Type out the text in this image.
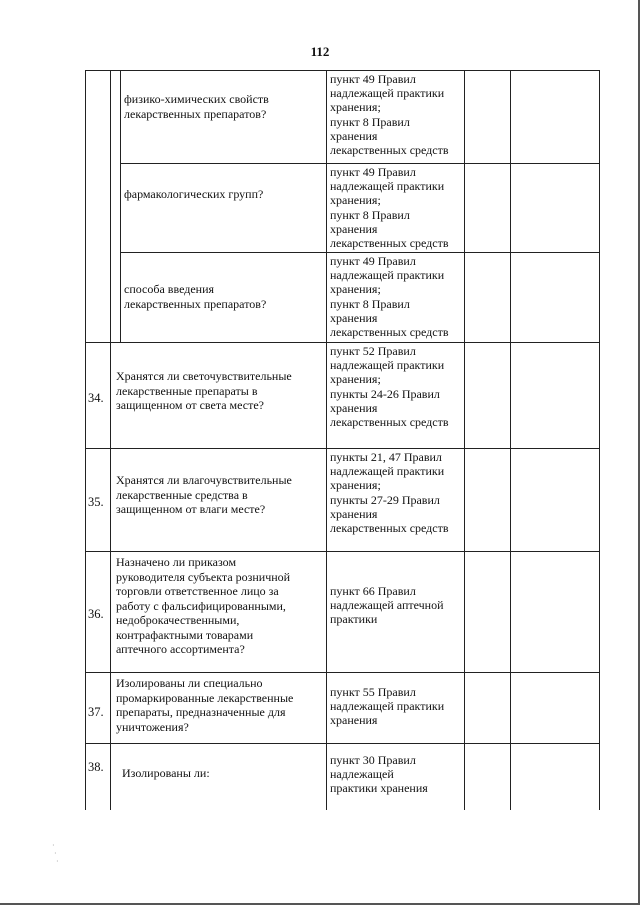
112
физико-химических свойств
лекарственных препаратов?
пункт 49 Правил
надлежащей практики
хранения;
пункт 8 Правил
хранения
лекарственных средств
фармакологических групп?
пункт 49 Правил
надлежащей практики
хранения;
пункт 8 Правил
хранения
лекарственных средств
способа введения
лекарственных препаратов?
пункт 49 Правил
надлежащей практики
хранения;
пункт 8 Правил
хранения
лекарственных средств
34.
Хранятся ли светочувствительные
лекарственные препараты в
защищенном от света месте?
пункт 52 Правил
надлежащей практики
хранения;
пункты 24-26 Правил
хранения
лекарственных средств
35.
Хранятся ли влагочувствительные
лекарственные средства в
защищенном от влаги месте?
пункты 21, 47 Правил
надлежащей практики
хранения;
пункты 27-29 Правил
хранения
лекарственных средств
36.
Назначено ли приказом
руководителя субъекта розничной
торговли ответственное лицо за
работу с фальсифицированными,
недоброкачественными,
контрафактными товарами
аптечного ассортимента?
пункт 66 Правил
надлежащей аптечной
практики
37.
Изолированы ли специально
промаркированные лекарственные
препараты, предназначенные для
уничтожения?
пункт 55 Правил
надлежащей практики
хранения
38.	Изолированы ли:
пункт 30 Правил
надлежащей
практики хранения
·
·
·
